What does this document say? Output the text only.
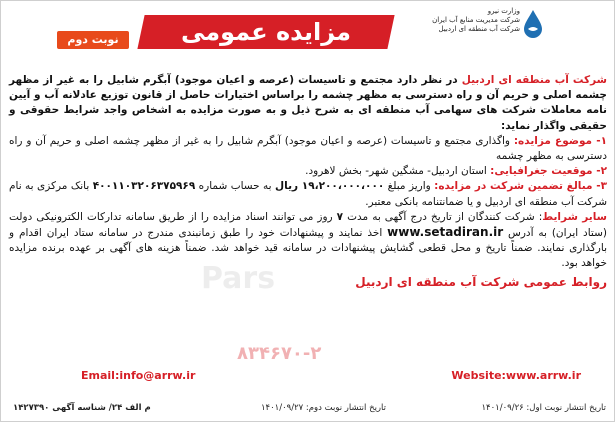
وزارت نیرو
شرکت مدیریت منابع آب ایران
شرکت آب منطقه ای اردبیل
مزایده عمومی
نوبت دوم

شرکت آب منطقه ای اردبیل در نظر دارد مجتمع و تاسیسات (عرصه و اعیان موجود) آبگرم شابیل را به غیر از مظهر چشمه اصلی و حریم آن و راه دسترسی به مظهر چشمه را براساس اختیارات حاصل از قانون توزیع عادلانه آب و آیین نامه معاملات شرکت های سهامی آب منطقه ای به شرح ذیل و به صورت مزایده به اشخاص واجد شرایط حقوقی و حقیقی واگذار نماید:

۱- موضوع مزایده: واگذاری مجتمع و تاسیسات (عرصه و اعیان موجود) آبگرم شابیل را به غیر از مظهر چشمه اصلی و حریم آن و راه دسترسی به مظهر چشمه

۲- موقعیت جغرافیایی: استان اردبیل- مشگین شهر- بخش لاهرود.

۳- مبالغ تضمین شرکت در مزایده: واریز مبلغ ۱۹،۲۰۰،۰۰۰،۰۰۰ ریال به حساب شماره ۴۰۰۱۱۰۳۲۰۶۳۷۵۹۶۹ بانک مرکزی به نام شرکت آب منطقه ای اردبیل و یا ضمانتنامه بانکی معتبر.

سایر شرایط: شرکت کنندگان از تاریخ درج آگهی به مدت ۷ روز می توانند اسناد مزایده را از طریق سامانه تدارکات الکترونیکی دولت (ستاد ایران) به آدرس www.setadiran.ir اخذ نمایند و پیشنهادات خود را طبق زمانبندی مندرج در سامانه ستاد ایران اقدام و بارگذاری نمایند. ضمناً تاریخ و محل قطعی گشایش پیشنهادات در سامانه قید خواهد شد. ضمناً هزینه های آگهی بر عهده برنده مزایده خواهد بود.

روابط عمومی شرکت آب منطقه ای اردبیل
Pars
۸۳۴۶۷۰-۲
Email:info@arrw.ir	Website:www.arrw.ir
تاریخ انتشار نوبت اول: ۱۴۰۱/۰۹/۲۶
تاریخ انتشار نوبت دوم: ۱۴۰۱/۰۹/۲۷
م الف ۲۴/ شناسه آگهی ۱۴۲۷۳۹۰
